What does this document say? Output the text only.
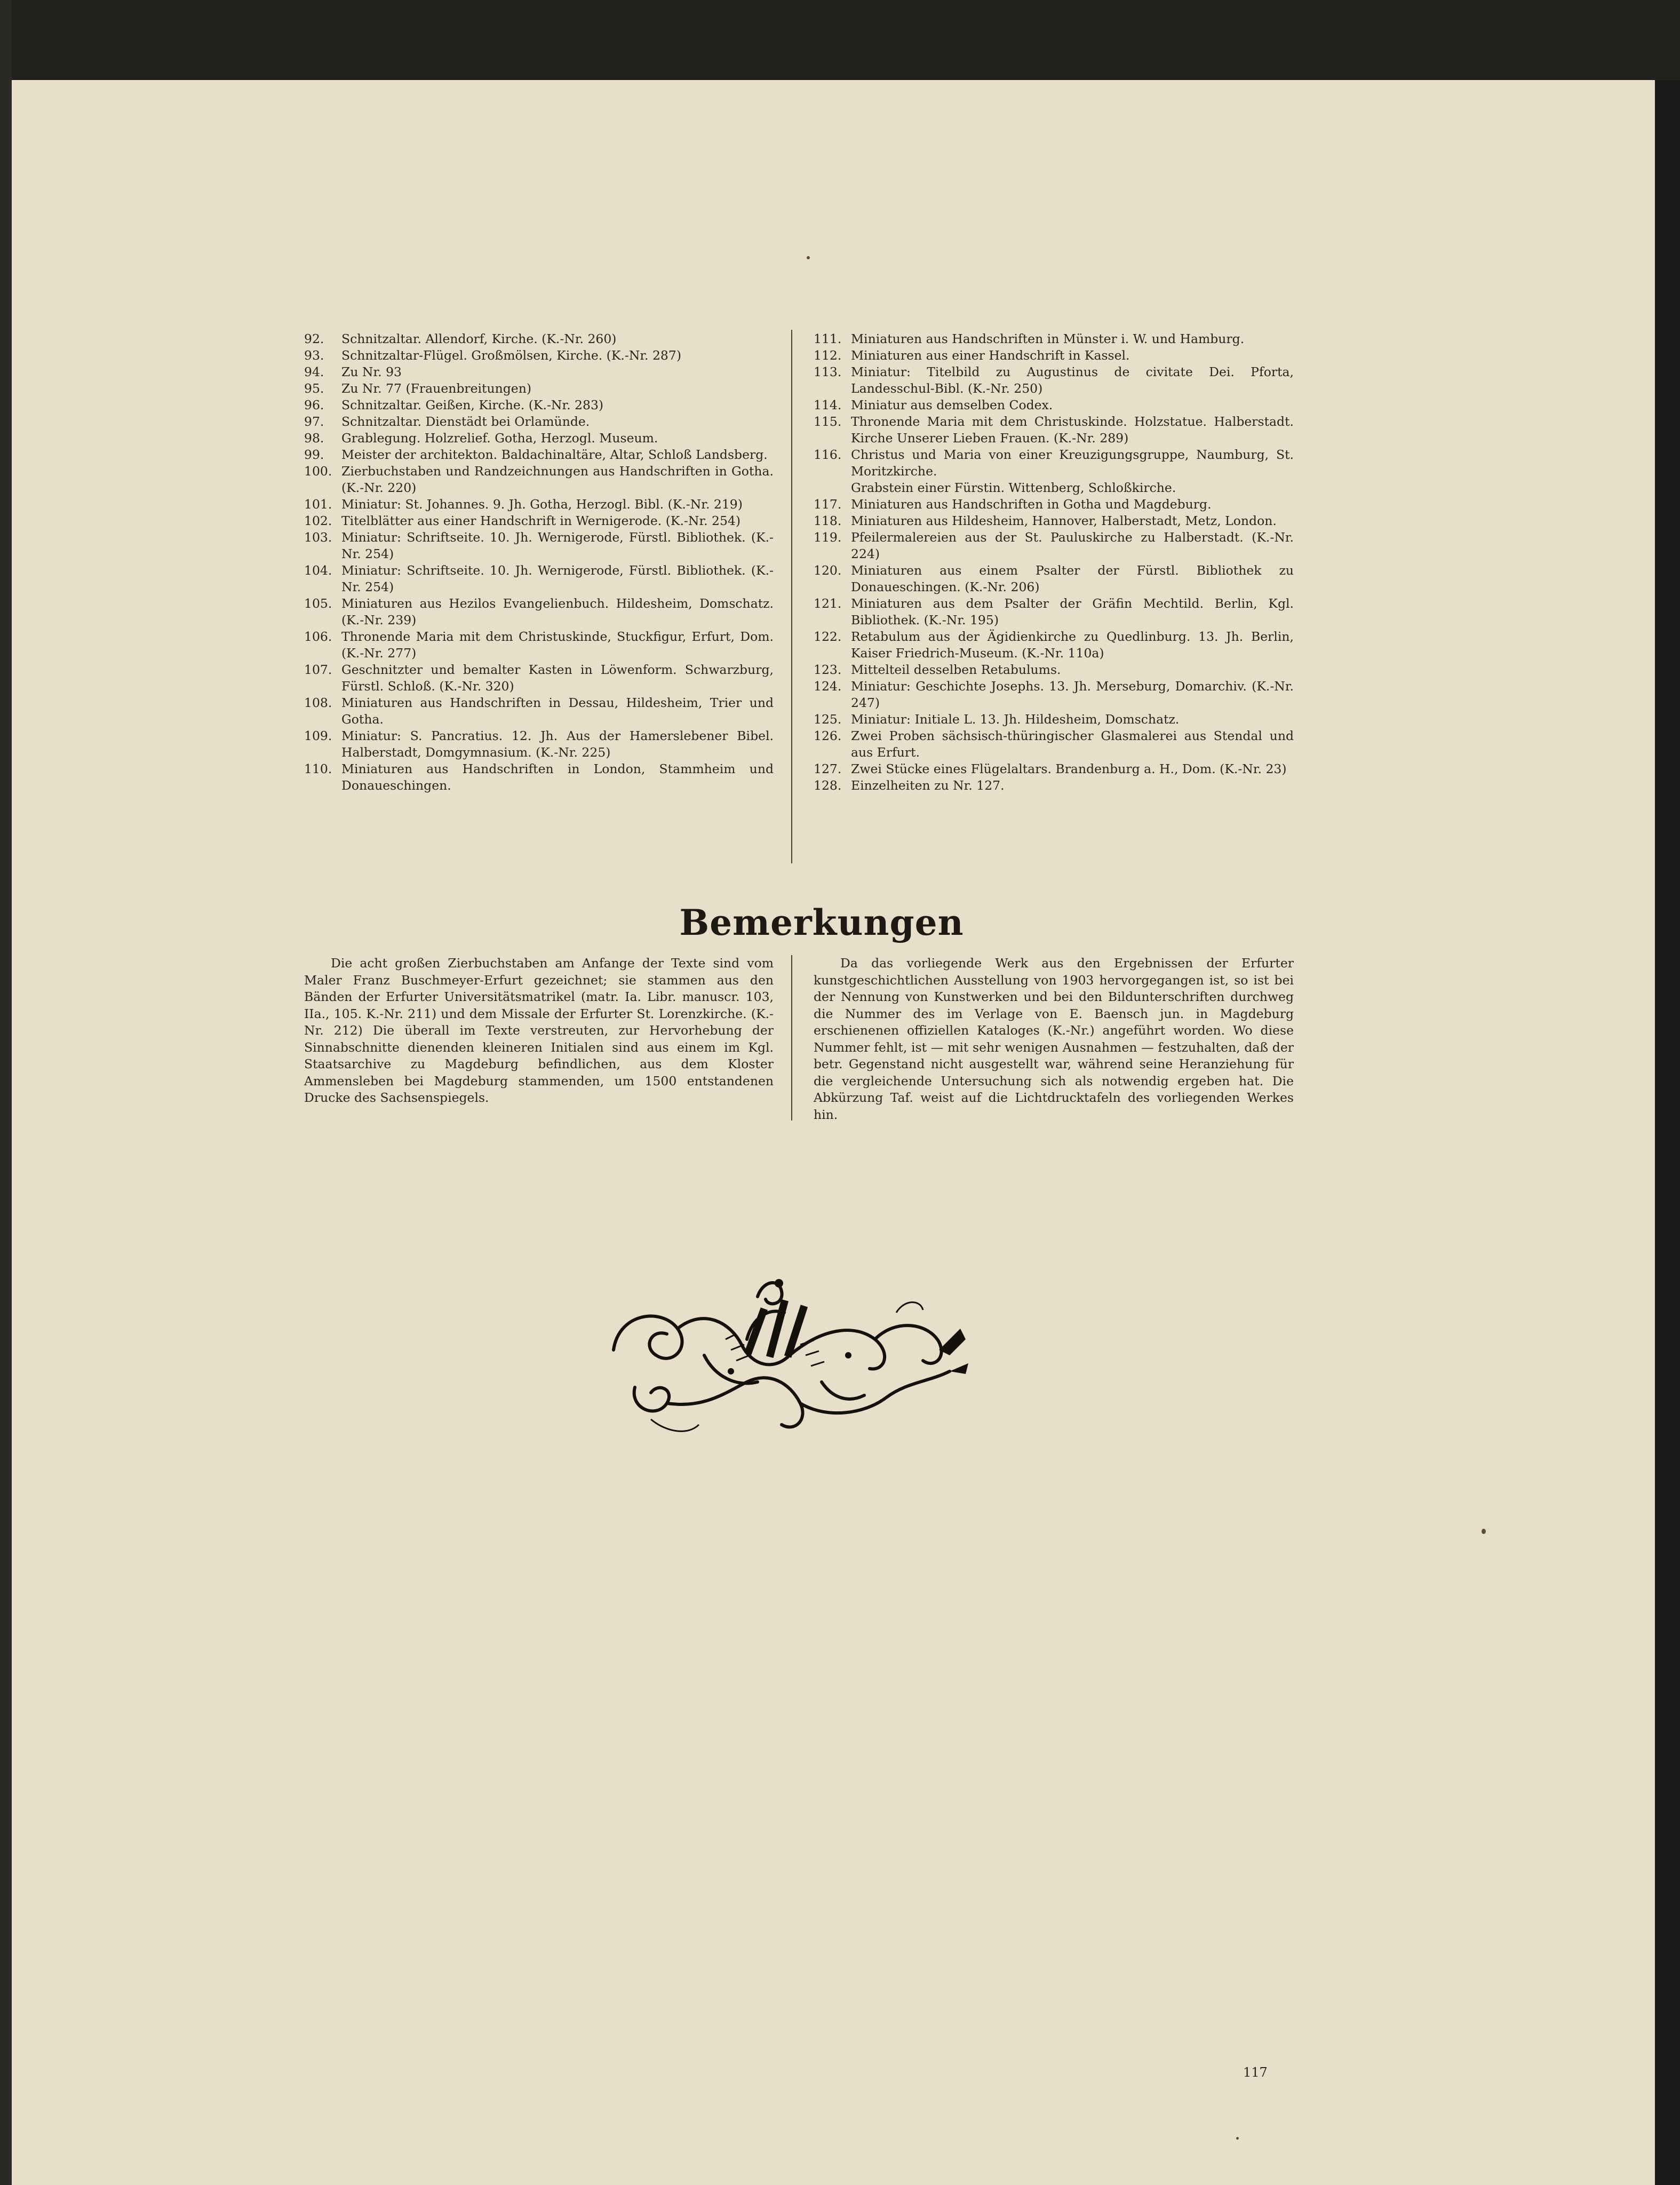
92.	Schnitzaltar. Allendorf, Kirche. (K.-Nr. 260)
93.	Schnitzaltar-Flügel. Großmölsen, Kirche. (K.-Nr. 287)
94.	Zu Nr. 93
95.	Zu Nr. 77 (Frauenbreitungen)
96.	Schnitzaltar. Geißen, Kirche. (K.-Nr. 283)
97.	Schnitzaltar. Dienstädt bei Orlamünde.
98.	Grablegung. Holzrelief. Gotha, Herzogl. Museum.
99.	Meister der architekton. Baldachinaltäre, Altar, Schloß Landsberg.
100. Zierbuchstaben und Randzeichnungen aus Handschriften in Gotha. (K.-Nr. 220)
101. Miniatur: St. Johannes. 9. Jh. Gotha, Herzogl. Bibl. (K.-Nr. 219)
102. Titelblätter aus einer Handschrift in Wernigerode. (K.-Nr. 254)
103. Miniatur: Schriftseite. 10. Jh. Wernigerode, Fürstl. Bibliothek. (K.-Nr. 254)
104. Miniatur: Schriftseite. 10. Jh. Wernigerode, Fürstl. Bibliothek. (K.-Nr. 254)
105. Miniaturen aus Hezilos Evangelienbuch. Hildesheim, Domschatz. (K.-Nr. 239)
106. Thronende Maria mit dem Christuskinde, Stuckfigur, Erfurt, Dom. (K.-Nr. 277)
107. Geschnitzter und bemalter Kasten in Löwenform. Schwarzburg, Fürstl. Schloß. (K.-Nr. 320)
108. Miniaturen aus Handschriften in Dessau, Hildesheim, Trier und Gotha.
109. Miniatur: S. Pancratius. 12. Jh. Aus der Hamerslebener Bibel. Halberstadt, Domgymnasium. (K.-Nr. 225)
110. Miniaturen aus Handschriften in London, Stammheim und Donaueschingen.
111. Miniaturen aus Handschriften in Münster i. W. und Hamburg.
112. Miniaturen aus einer Handschrift in Kassel.
113. Miniatur: Titelbild zu Augustinus de civitate Dei. Pforta, Landesschul-Bibl. (K.-Nr. 250)
114. Miniatur aus demselben Codex.
115. Thronende Maria mit dem Christuskinde. Holzstatue. Halberstadt. Kirche Unserer Lieben Frauen. (K.-Nr. 289)
116. Christus und Maria von einer Kreuzigungsgruppe, Naumburg, St. Moritzkirche.
Grabstein einer Fürstin. Wittenberg, Schloßkirche.
117. Miniaturen aus Handschriften in Gotha und Magdeburg.
118. Miniaturen aus Hildesheim, Hannover, Halberstadt, Metz, London.
119. Pfeilermalereien aus der St. Pauluskirche zu Halberstadt. (K.-Nr. 224)
120. Miniaturen aus einem Psalter der Fürstl. Bibliothek zu Donaueschingen. (K.-Nr. 206)
121. Miniaturen aus dem Psalter der Gräfin Mechtild. Berlin, Kgl. Bibliothek. (K.-Nr. 195)
122. Retabulum aus der Ägidienkirche zu Quedlinburg. 13. Jh. Berlin, Kaiser Friedrich-Museum. (K.-Nr. 110a)
123. Mittelteil desselben Retabulums.
124. Miniatur: Geschichte Josephs. 13. Jh. Merseburg, Domarchiv. (K.-Nr. 247)
125. Miniatur: Initiale L. 13. Jh. Hildesheim, Domschatz.
126. Zwei Proben sächsisch-thüringischer Glasmalerei aus Stendal und aus Erfurt.
127. Zwei Stücke eines Flügelaltars. Brandenburg a. H., Dom. (K.-Nr. 23)
128. Einzelheiten zu Nr. 127.
Bemerkungen
Die acht großen Zierbuchstaben am Anfange der Texte sind vom Maler Franz Buschmeyer-Erfurt gezeichnet; sie stammen aus den Bänden der Erfurter Universitätsmatrikel (matr. Ia. Libr. manuscr. 103, IIa., 105. K.-Nr. 211) und dem Missale der Erfurter St. Lorenzkirche. (K.-Nr. 212) Die überall im Texte verstreuten, zur Hervorhebung der Sinnabschnitte dienenden kleineren Initialen sind aus einem im Kgl. Staatsarchive zu Magdeburg befindlichen, aus dem Kloster Ammensleben bei Magdeburg stammenden, um 1500 entstandenen Drucke des Sachsenspiegels.
Da das vorliegende Werk aus den Ergebnissen der Erfurter kunstgeschichtlichen Ausstellung von 1903 hervorgegangen ist, so ist bei der Nennung von Kunstwerken und bei den Bildunterschriften durchweg die Nummer des im Verlage von E. Baensch jun. in Magdeburg erschienenen offiziellen Kataloges (K.-Nr.) angeführt worden. Wo diese Nummer fehlt, ist — mit sehr wenigen Ausnahmen — festzuhalten, daß der betr. Gegenstand nicht ausgestellt war, während seine Heranziehung für die vergleichende Untersuchung sich als notwendig ergeben hat. Die Abkürzung Taf. weist auf die Lichtdrucktafeln des vorliegenden Werkes hin.
117
